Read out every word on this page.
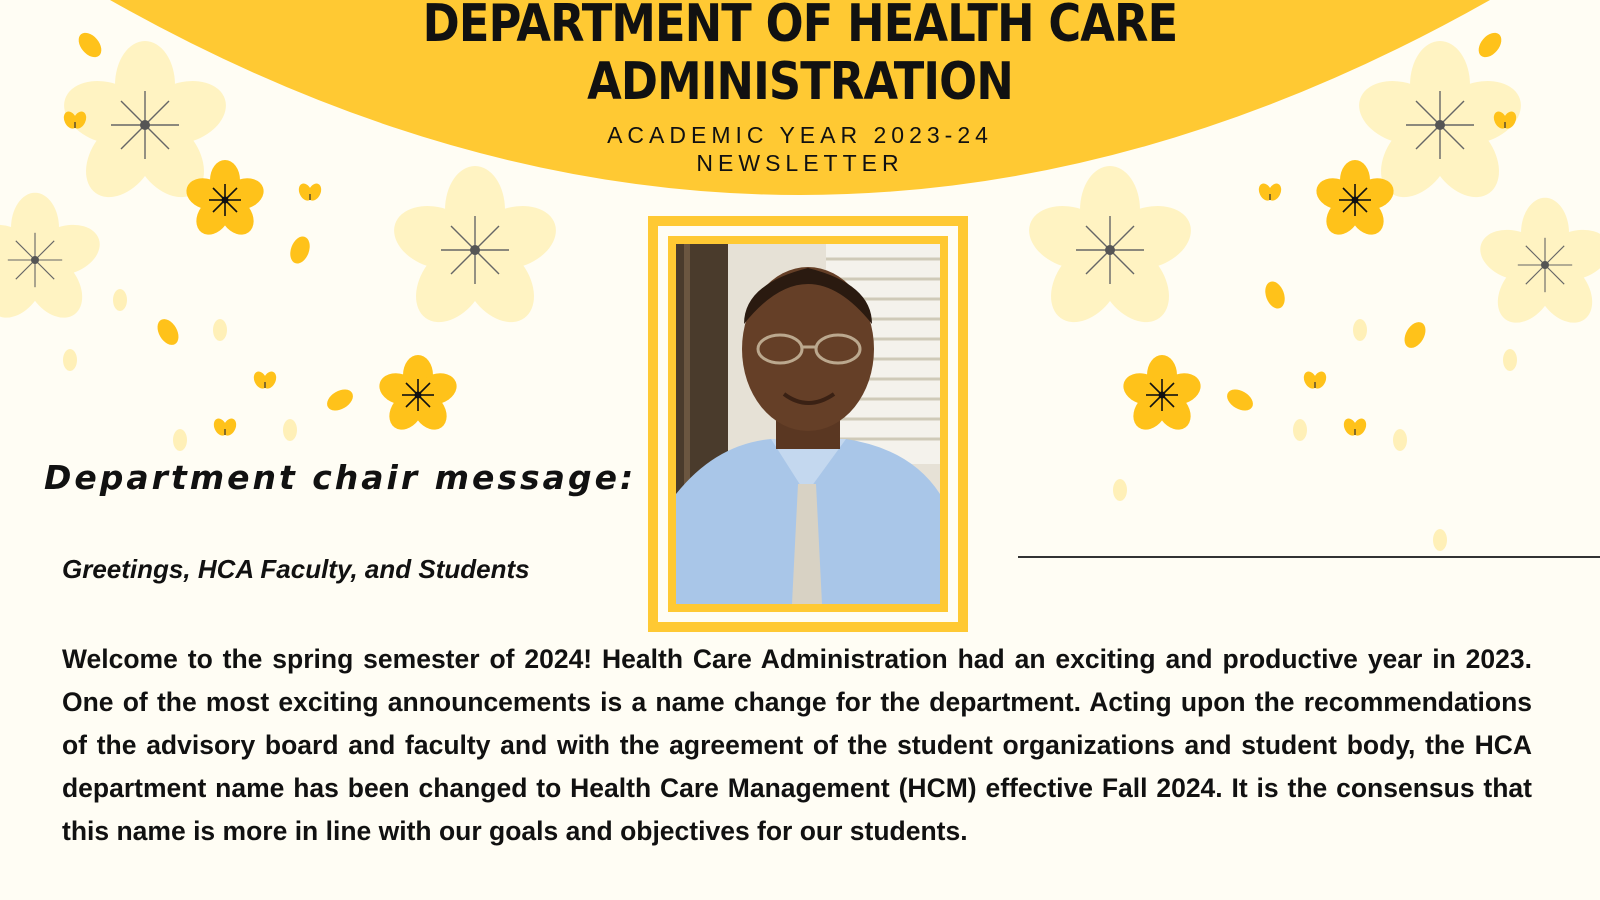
DEPARTMENT OF HEALTH CARE
ADMINISTRATION
ACADEMIC YEAR 2023-24
NEWSLETTER
Department chair message:
Greetings, HCA Faculty, and Students
Welcome to the spring semester of 2024! Health Care Administration had an exciting and productive year in 2023. One of the most exciting announcements is a name change for the department. Acting upon the recommendations of the advisory board and faculty and with the agreement of the student organizations and student body, the HCA department name has been changed to Health Care Management (HCM) effective Fall 2024. It is the consensus that this name is more in line with our goals and objectives for our students.
